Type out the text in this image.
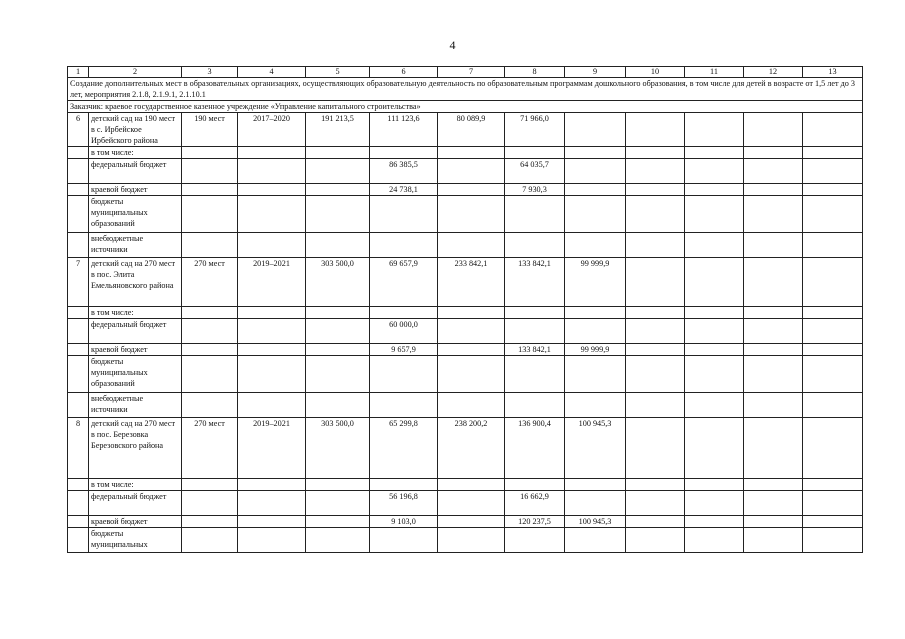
4
1	2	3	4	5	6	7	8	9	10	11	12	13
Создание дополнительных мест в образовательных организациях, осуществляющих образовательную деятельность по образовательным программам дошкольного образования, в том числе для детей в возрасте от 1,5 лет до 3 лет, мероприятия 2.1.8, 2.1.9.1, 2.1.10.1												
Заказчик: краевое государственное казенное учреждение «Управление капитального строительства»												
6	детский сад на 190 мест в с. Ирбейское Ирбейского района	190 мест	2017–2020	191 213,5	111 123,6	80 089,9	71 966,0					
	в том числе:											
	федеральный бюджет				86 385,5		64 035,7					
	краевой бюджет				24 738,1		7 930,3					
	бюджеты муниципальных образований											
	внебюджетные источники											
7	детский сад на 270 мест в пос. Элита Емельяновского района	270 мест	2019–2021	303 500,0	69 657,9	233 842,1	133 842,1	99 999,9				
	в том числе:											
	федеральный бюджет				60 000,0							
	краевой бюджет				9 657,9		133 842,1	99 999,9				
	бюджеты муниципальных образований											
	внебюджетные источники											
8	детский сад на 270 мест в пос. Березовка Березовского района	270 мест	2019–2021	303 500,0	65 299,8	238 200,2	136 900,4	100 945,3				
	в том числе:											
	федеральный бюджет				56 196,8		16 662,9					
	краевой бюджет				9 103,0		120 237,5	100 945,3				
	бюджеты муниципальных											
